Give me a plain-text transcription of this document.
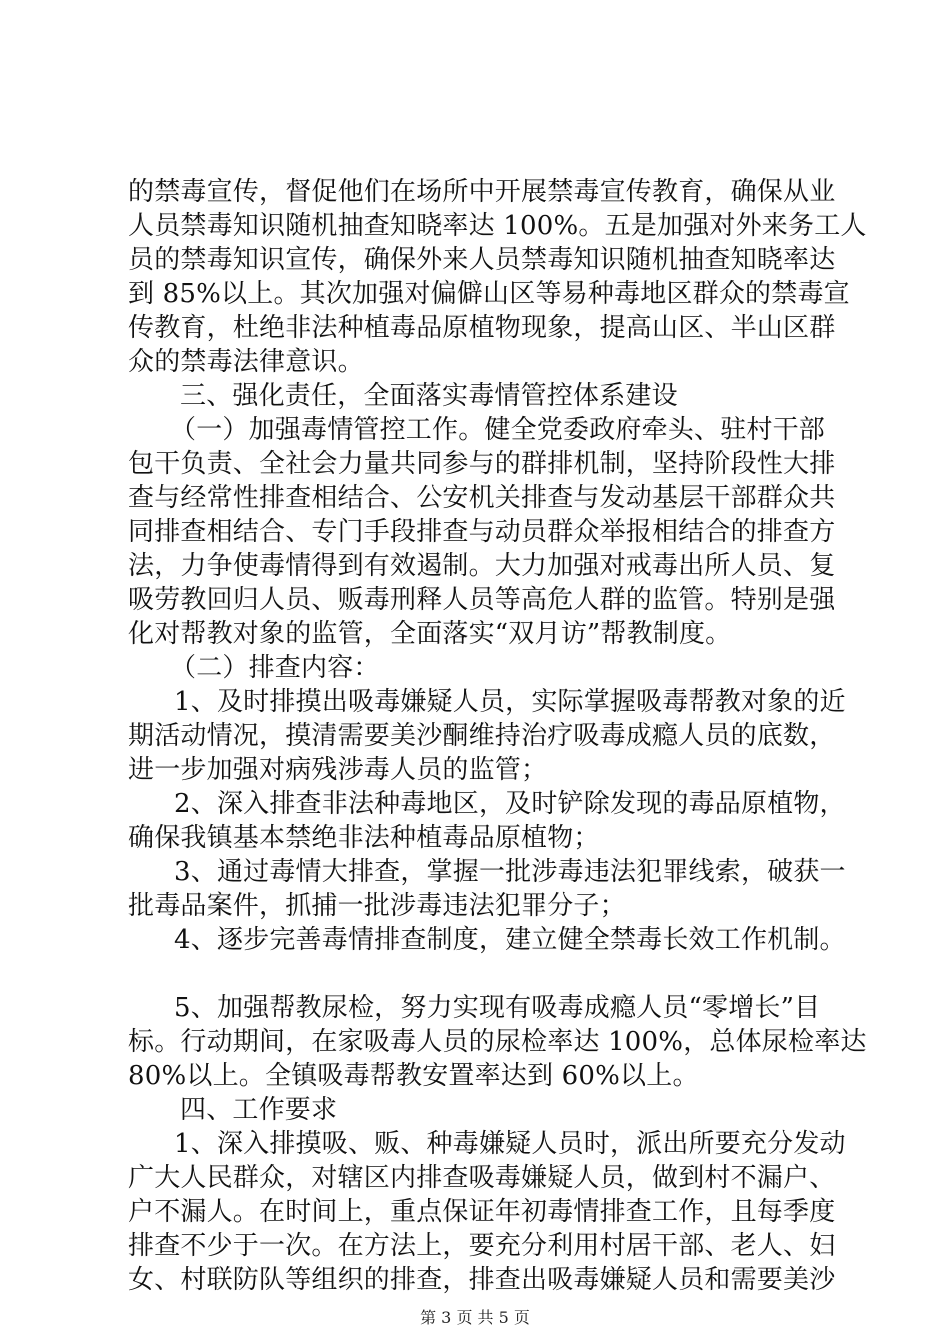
的禁毒宣传，督促他们在场所中开展禁毒宣传教育，确保从业
人员禁毒知识随机抽查知晓率达 100%。五是加强对外来务工人
员的禁毒知识宣传，确保外来人员禁毒知识随机抽查知晓率达
到 85%以上。其次加强对偏僻山区等易种毒地区群众的禁毒宣
传教育，杜绝非法种植毒品原植物现象，提高山区、半山区群
众的禁毒法律意识。
三、强化责任，全面落实毒情管控体系建设
（一）加强毒情管控工作。健全党委政府牵头、驻村干部
包干负责、全社会力量共同参与的群排机制，坚持阶段性大排
查与经常性排查相结合、公安机关排查与发动基层干部群众共
同排查相结合、专门手段排查与动员群众举报相结合的排查方
法，力争使毒情得到有效遏制。大力加强对戒毒出所人员、复
吸劳教回归人员、贩毒刑释人员等高危人群的监管。特别是强
化对帮教对象的监管，全面落实“双月访”帮教制度。
（二）排查内容：
1、及时排摸出吸毒嫌疑人员，实际掌握吸毒帮教对象的近
期活动情况，摸清需要美沙酮维持治疗吸毒成瘾人员的底数，
进一步加强对病残涉毒人员的监管；
2、深入排查非法种毒地区，及时铲除发现的毒品原植物，
确保我镇基本禁绝非法种植毒品原植物；
3、通过毒情大排查，掌握一批涉毒违法犯罪线索，破获一
批毒品案件，抓捕一批涉毒违法犯罪分子；
4、逐步完善毒情排查制度，建立健全禁毒长效工作机制。
5、加强帮教尿检，努力实现有吸毒成瘾人员“零增长”目
标。行动期间，在家吸毒人员的尿检率达 100%，总体尿检率达
80%以上。全镇吸毒帮教安置率达到 60%以上。
四、工作要求
1、深入排摸吸、贩、种毒嫌疑人员时，派出所要充分发动
广大人民群众，对辖区内排查吸毒嫌疑人员，做到村不漏户、
户不漏人。在时间上，重点保证年初毒情排查工作，且每季度
排查不少于一次。在方法上，要充分利用村居干部、老人、妇
女、村联防队等组织的排查，排查出吸毒嫌疑人员和需要美沙
第 3 页 共 5 页
